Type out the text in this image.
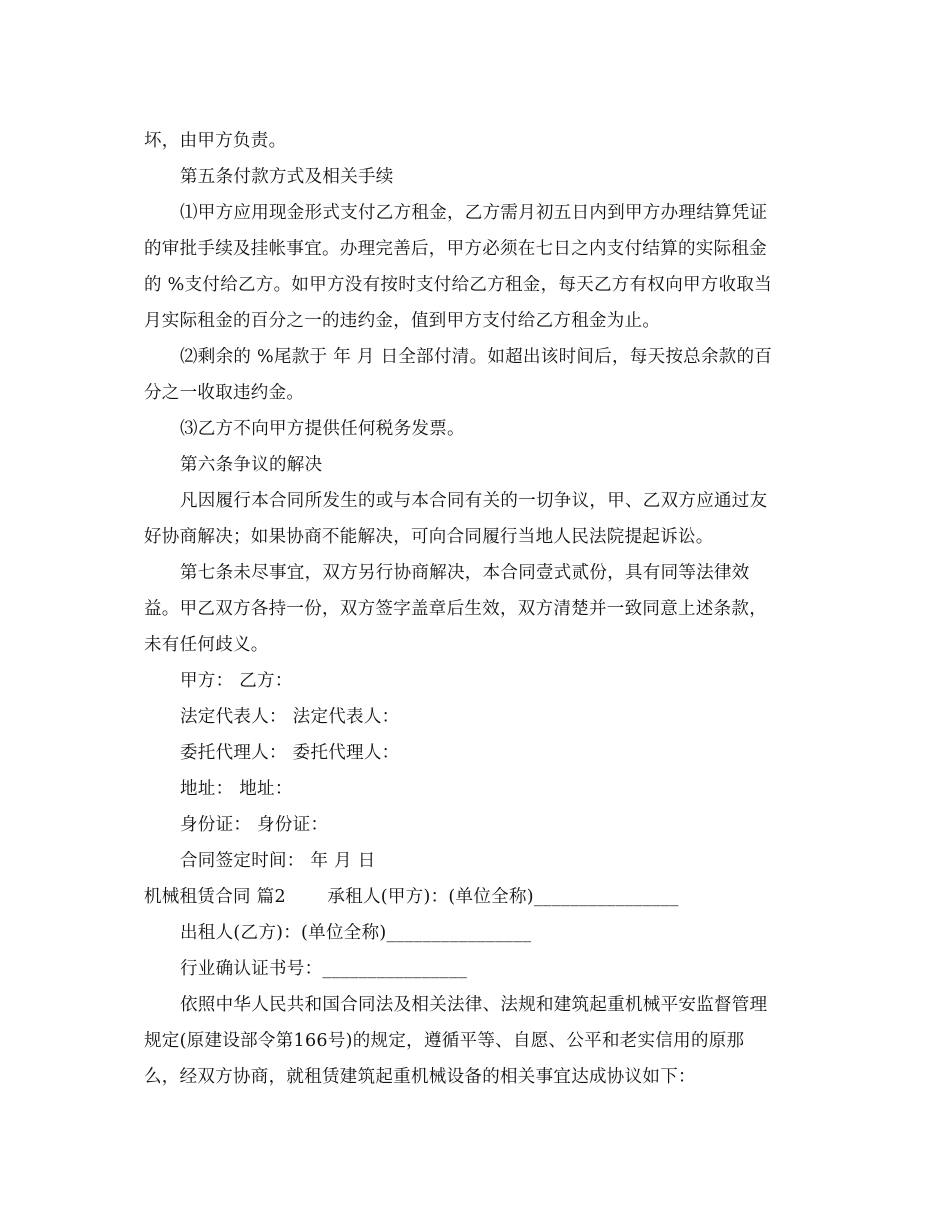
坏，由甲方负责。
第五条付款方式及相关手续
⑴甲方应用现金形式支付乙方租金，乙方需月初五日内到甲方办理结算凭证
的审批手续及挂帐事宜。办理完善后，甲方必须在七日之内支付结算的实际租金
的 %支付给乙方。如甲方没有按时支付给乙方租金，每天乙方有权向甲方收取当
月实际租金的百分之一的违约金，值到甲方支付给乙方租金为止。
⑵剩余的 %尾款于 年 月 日全部付清。如超出该时间后，每天按总余款的百
分之一收取违约金。
⑶乙方不向甲方提供任何税务发票。
第六条争议的解决
凡因履行本合同所发生的或与本合同有关的一切争议，甲、乙双方应通过友
好协商解决；如果协商不能解决，可向合同履行当地人民法院提起诉讼。
第七条未尽事宜，双方另行协商解决，本合同壹式贰份，具有同等法律效
益。甲乙双方各持一份，双方签字盖章后生效，双方清楚并一致同意上述条款，
未有任何歧义。
甲方： 乙方：
法定代表人： 法定代表人：
委托代理人： 委托代理人：
地址： 地址：
身份证： 身份证：
合同签定时间： 年 月 日
机械租赁合同 篇2　　 承租人(甲方)：(单位全称)________________
出租人(乙方)：(单位全称)________________
行业确认证书号：________________
依照中华人民共和国合同法及相关法律、法规和建筑起重机械平安监督管理
规定(原建设部令第166号)的规定，遵循平等、自愿、公平和老实信用的原那
么，经双方协商，就租赁建筑起重机械设备的相关事宜达成协议如下：
